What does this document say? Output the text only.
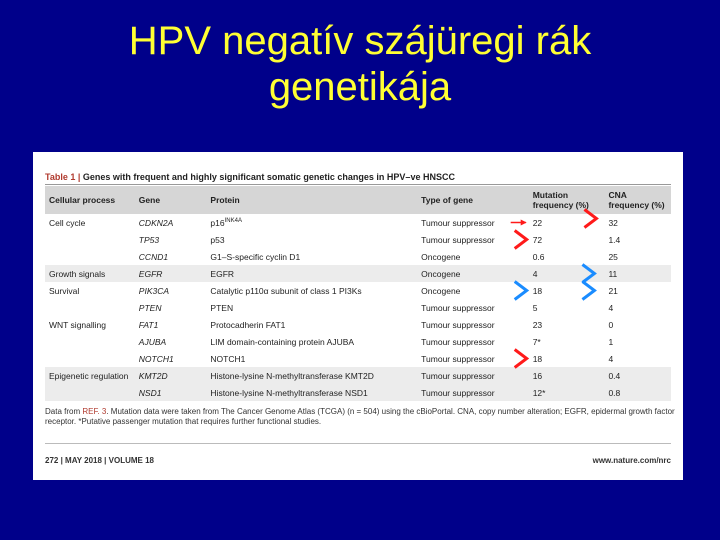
HPV negatív szájüregi rák
genetikája
Table 1 | Genes with frequent and highly significant somatic genetic changes in HPV–ve HNSCC
Cellular process	Gene	Protein	Type of gene	Mutation frequency (%)	CNA frequency (%)
Cell cycle	CDKN2A	$p16^{INK4A}$	Tumour suppressor	22	32
	TP53	p53	Tumour suppressor	72	1.4
	CCND1	G1–S-specific cyclin D1	Oncogene	0.6	25
Growth signals	EGFR	EGFR	Oncogene	4	11
Survival	PIK3CA	Catalytic p110α subunit of class 1 PI3Ks	Oncogene	18	21
	PTEN	PTEN	Tumour suppressor	5	4
WNT signalling	FAT1	Protocadherin FAT1	Tumour suppressor	23	0
	AJUBA	LIM domain-containing protein AJUBA	Tumour suppressor	7*	1
	NOTCH1	NOTCH1	Tumour suppressor	18	4
Epigenetic regulation	KMT2D	Histone-lysine N-methyltransferase KMT2D	Tumour suppressor	16	0.4
	NSD1	Histone-lysine N-methyltransferase NSD1	Tumour suppressor	12*	0.8
Data from REF. 3. Mutation data were taken from The Cancer Genome Atlas (TCGA) (n = 504) using the cBioPortal. CNA, copy number alteration; EGFR, epidermal growth factor receptor. *Putative passenger mutation that requires further functional studies.
272 | MAY 2018 | VOLUME 18	www.nature.com/nrc
